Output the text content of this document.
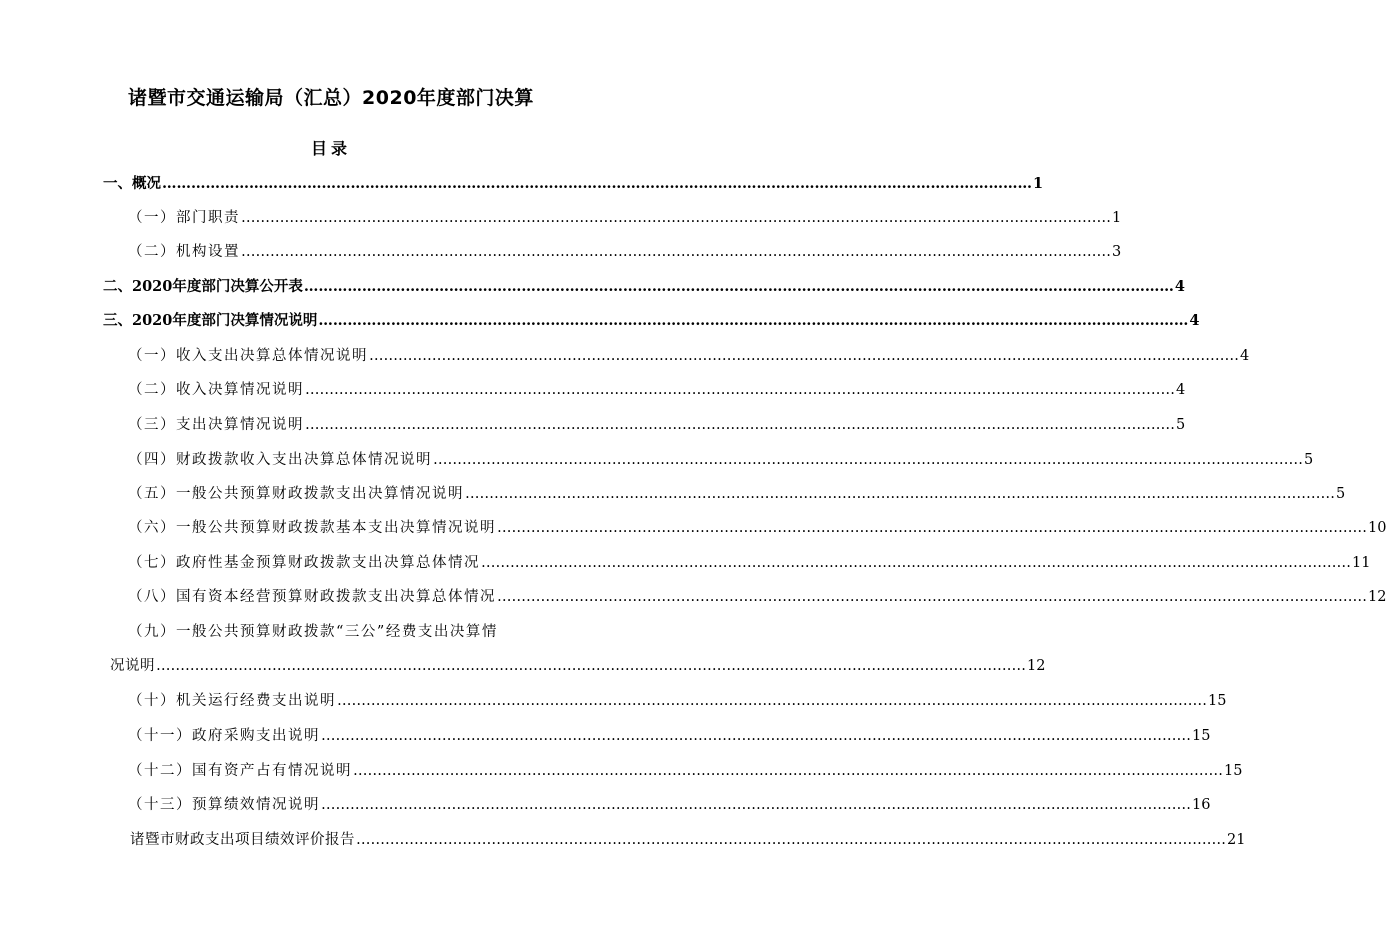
诸暨市交通运输局（汇总）2020年度部门决算
目录
一、概况 ……………………………………………………………………………………………………………………………………………………………… 1
（一）部门职责 ……………………………………………………………………………………………………………………………………………………………… 1
（二）机构设置 ……………………………………………………………………………………………………………………………………………………………… 3
二、2020年度部门决算公开表 ……………………………………………………………………………………………………………………………………………………………… 4
三、2020年度部门决算情况说明 ……………………………………………………………………………………………………………………………………………………………… 4
（一）收入支出决算总体情况说明 ……………………………………………………………………………………………………………………………………………………………… 4
（二）收入决算情况说明 ……………………………………………………………………………………………………………………………………………………………… 4
（三）支出决算情况说明 ……………………………………………………………………………………………………………………………………………………………… 5
（四）财政拨款收入支出决算总体情况说明 ……………………………………………………………………………………………………………………………………………………………… 5
（五）一般公共预算财政拨款支出决算情况说明 ……………………………………………………………………………………………………………………………………………………………… 5
（六）一般公共预算财政拨款基本支出决算情况说明 ……………………………………………………………………………………………………………………………………………………………… 10
（七）政府性基金预算财政拨款支出决算总体情况 ……………………………………………………………………………………………………………………………………………………………… 11
（八）国有资本经营预算财政拨款支出决算总体情况 ……………………………………………………………………………………………………………………………………………………………… 12
（九）一般公共预算财政拨款“三公”经费支出决算情
况说明 ……………………………………………………………………………………………………………………………………………………………… 12
（十）机关运行经费支出说明 ……………………………………………………………………………………………………………………………………………………………… 15
（十一）政府采购支出说明 ……………………………………………………………………………………………………………………………………………………………… 15
（十二）国有资产占有情况说明 ……………………………………………………………………………………………………………………………………………………………… 15
（十三）预算绩效情况说明 ……………………………………………………………………………………………………………………………………………………………… 16
诸暨市财政支出项目绩效评价报告 ……………………………………………………………………………………………………………………………………………………………… 21
